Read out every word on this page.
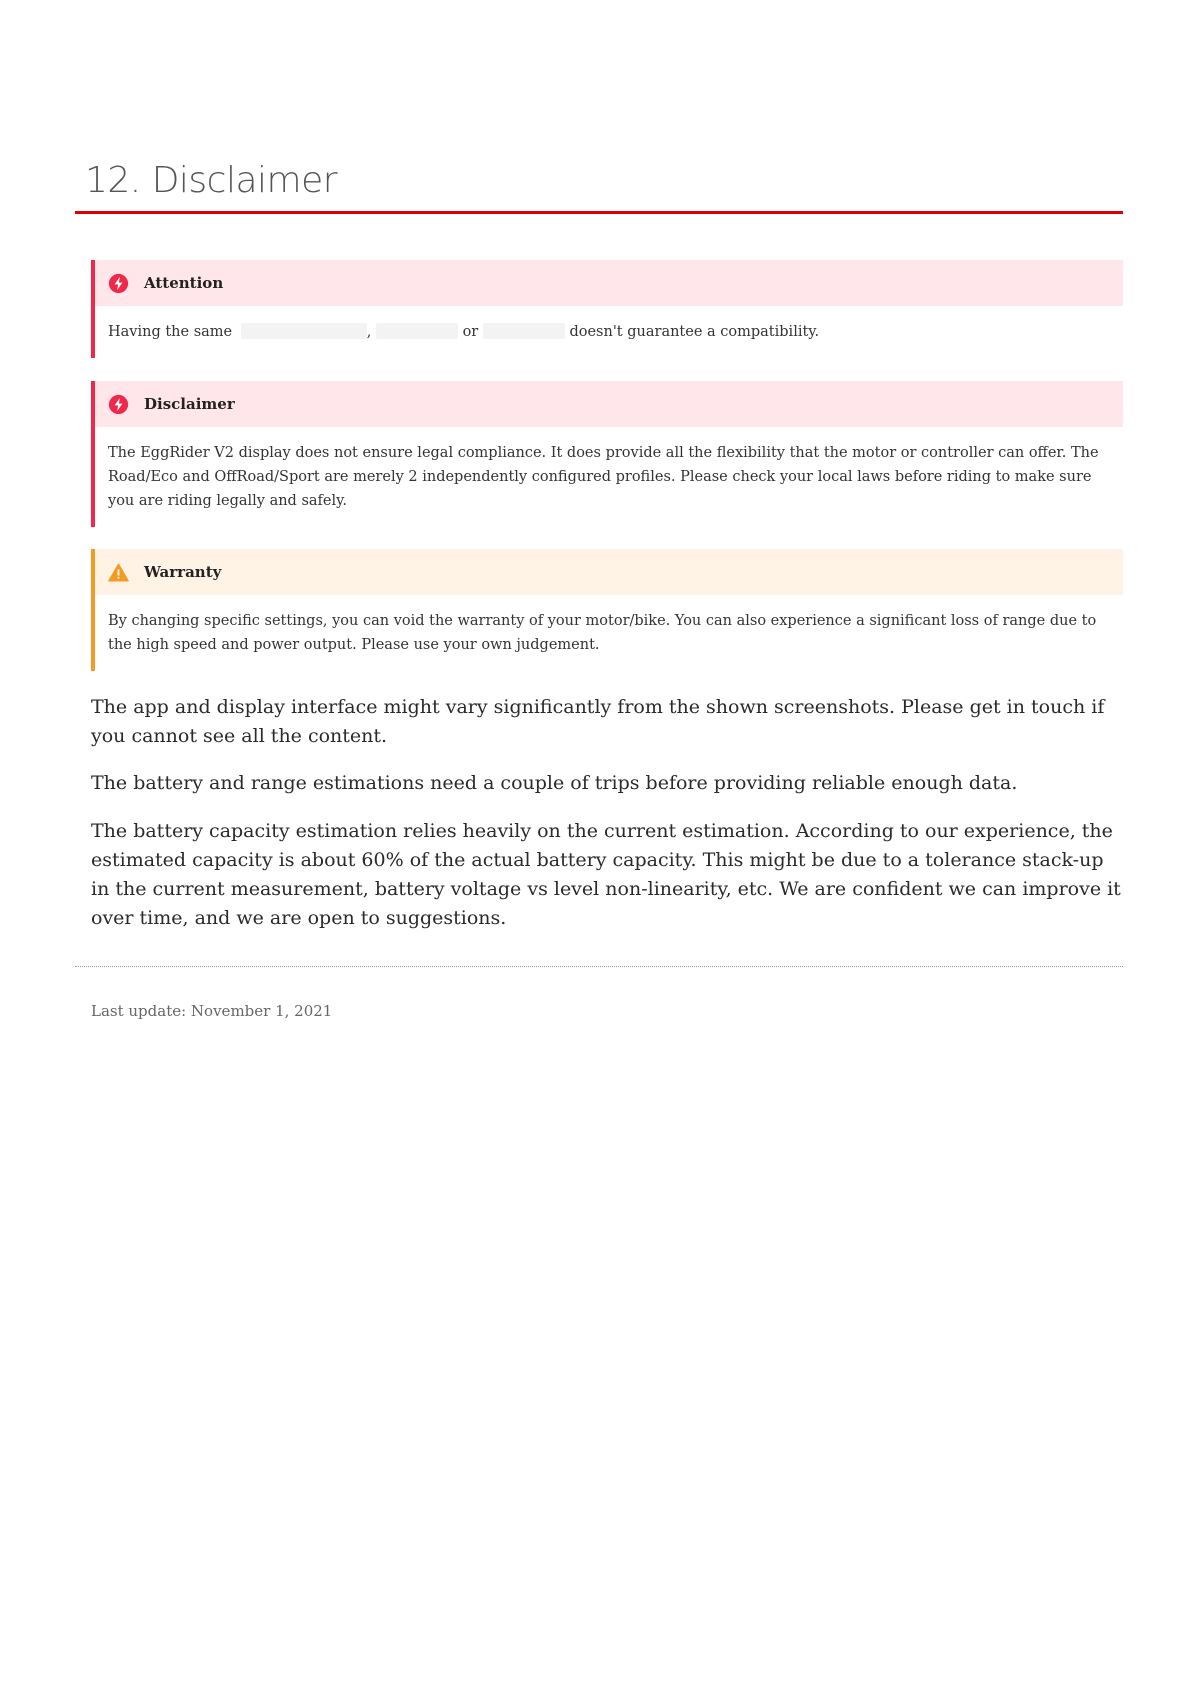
12. Disclaimer
Attention
Having the same	,	or	doesn't guarantee a compatibility.
Disclaimer
The EggRider V2 display does not ensure legal compliance. It does provide all the flexibility that the motor or controller can offer. The Road/Eco and OffRoad/Sport are merely 2 independently configured profiles. Please check your local laws before riding to make sure you are riding legally and safely.
Warranty
By changing specific settings, you can void the warranty of your motor/bike. You can also experience a significant loss of range due to the high speed and power output. Please use your own judgement.

The app and display interface might vary significantly from the shown screenshots. Please get in touch if you cannot see all the content.

The battery and range estimations need a couple of trips before providing reliable enough data.

The battery capacity estimation relies heavily on the current estimation. According to our experience, the estimated capacity is about 60% of the actual battery capacity. This might be due to a tolerance stack-up in the current measurement, battery voltage vs level non-linearity, etc. We are confident we can improve it over time, and we are open to suggestions.

Last update: November 1, 2021
